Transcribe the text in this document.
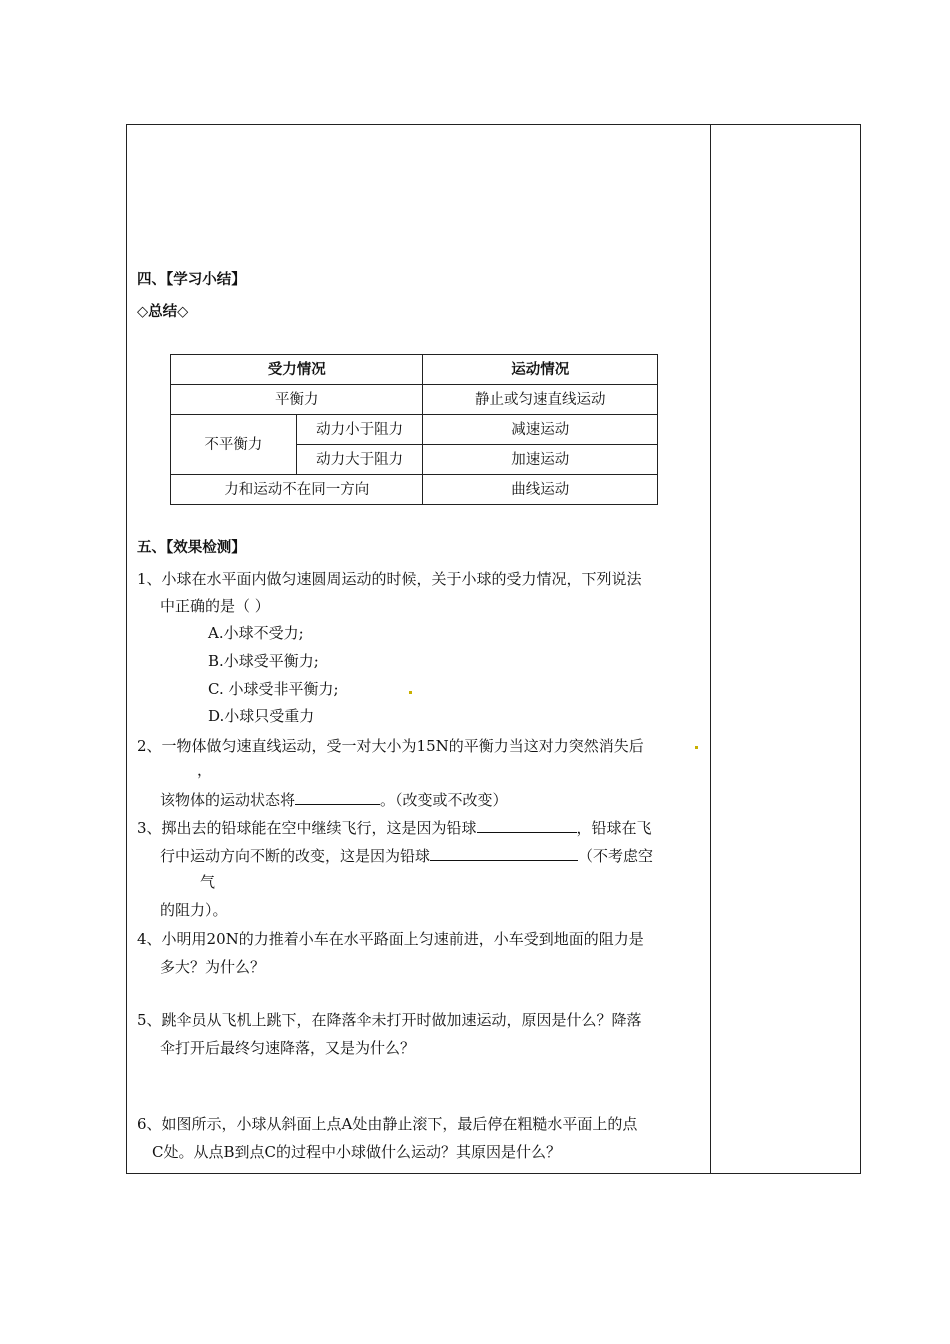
四、【学习小结】
◇总结◇
受力情况		运动情况
平衡力		静止或匀速直线运动
不平衡力	动力小于阻力	减速运动
	动力大于阻力	加速运动
力和运动不在同一方向		曲线运动
五、【效果检测】
1、小球在水平面内做匀速圆周运动的时候，关于小球的受力情况，下列说法
中正确的是（ ）
A.小球不受力;
B.小球受平衡力;
C. 小球受非平衡力;
D.小球只受重力
2、一物体做匀速直线运动，受一对大小为15N的平衡力当这对力突然消失后
，
该物体的运动状态将	。（改变或不改变）
3、掷出去的铅球能在空中继续飞行，这是因为铅球	，铅球在飞
行中运动方向不断的改变，这是因为铅球	（不考虑空
气
的阻力）。
4、小明用20N的力推着小车在水平路面上匀速前进，小车受到地面的阻力是
多大？为什么？
5、跳伞员从飞机上跳下，在降落伞未打开时做加速运动，原因是什么？降落
伞打开后最终匀速降落，又是为什么？
6、如图所示，小球从斜面上点A处由静止滚下，最后停在粗糙水平面上的点
C处。从点B到点C的过程中小球做什么运动？其原因是什么？
